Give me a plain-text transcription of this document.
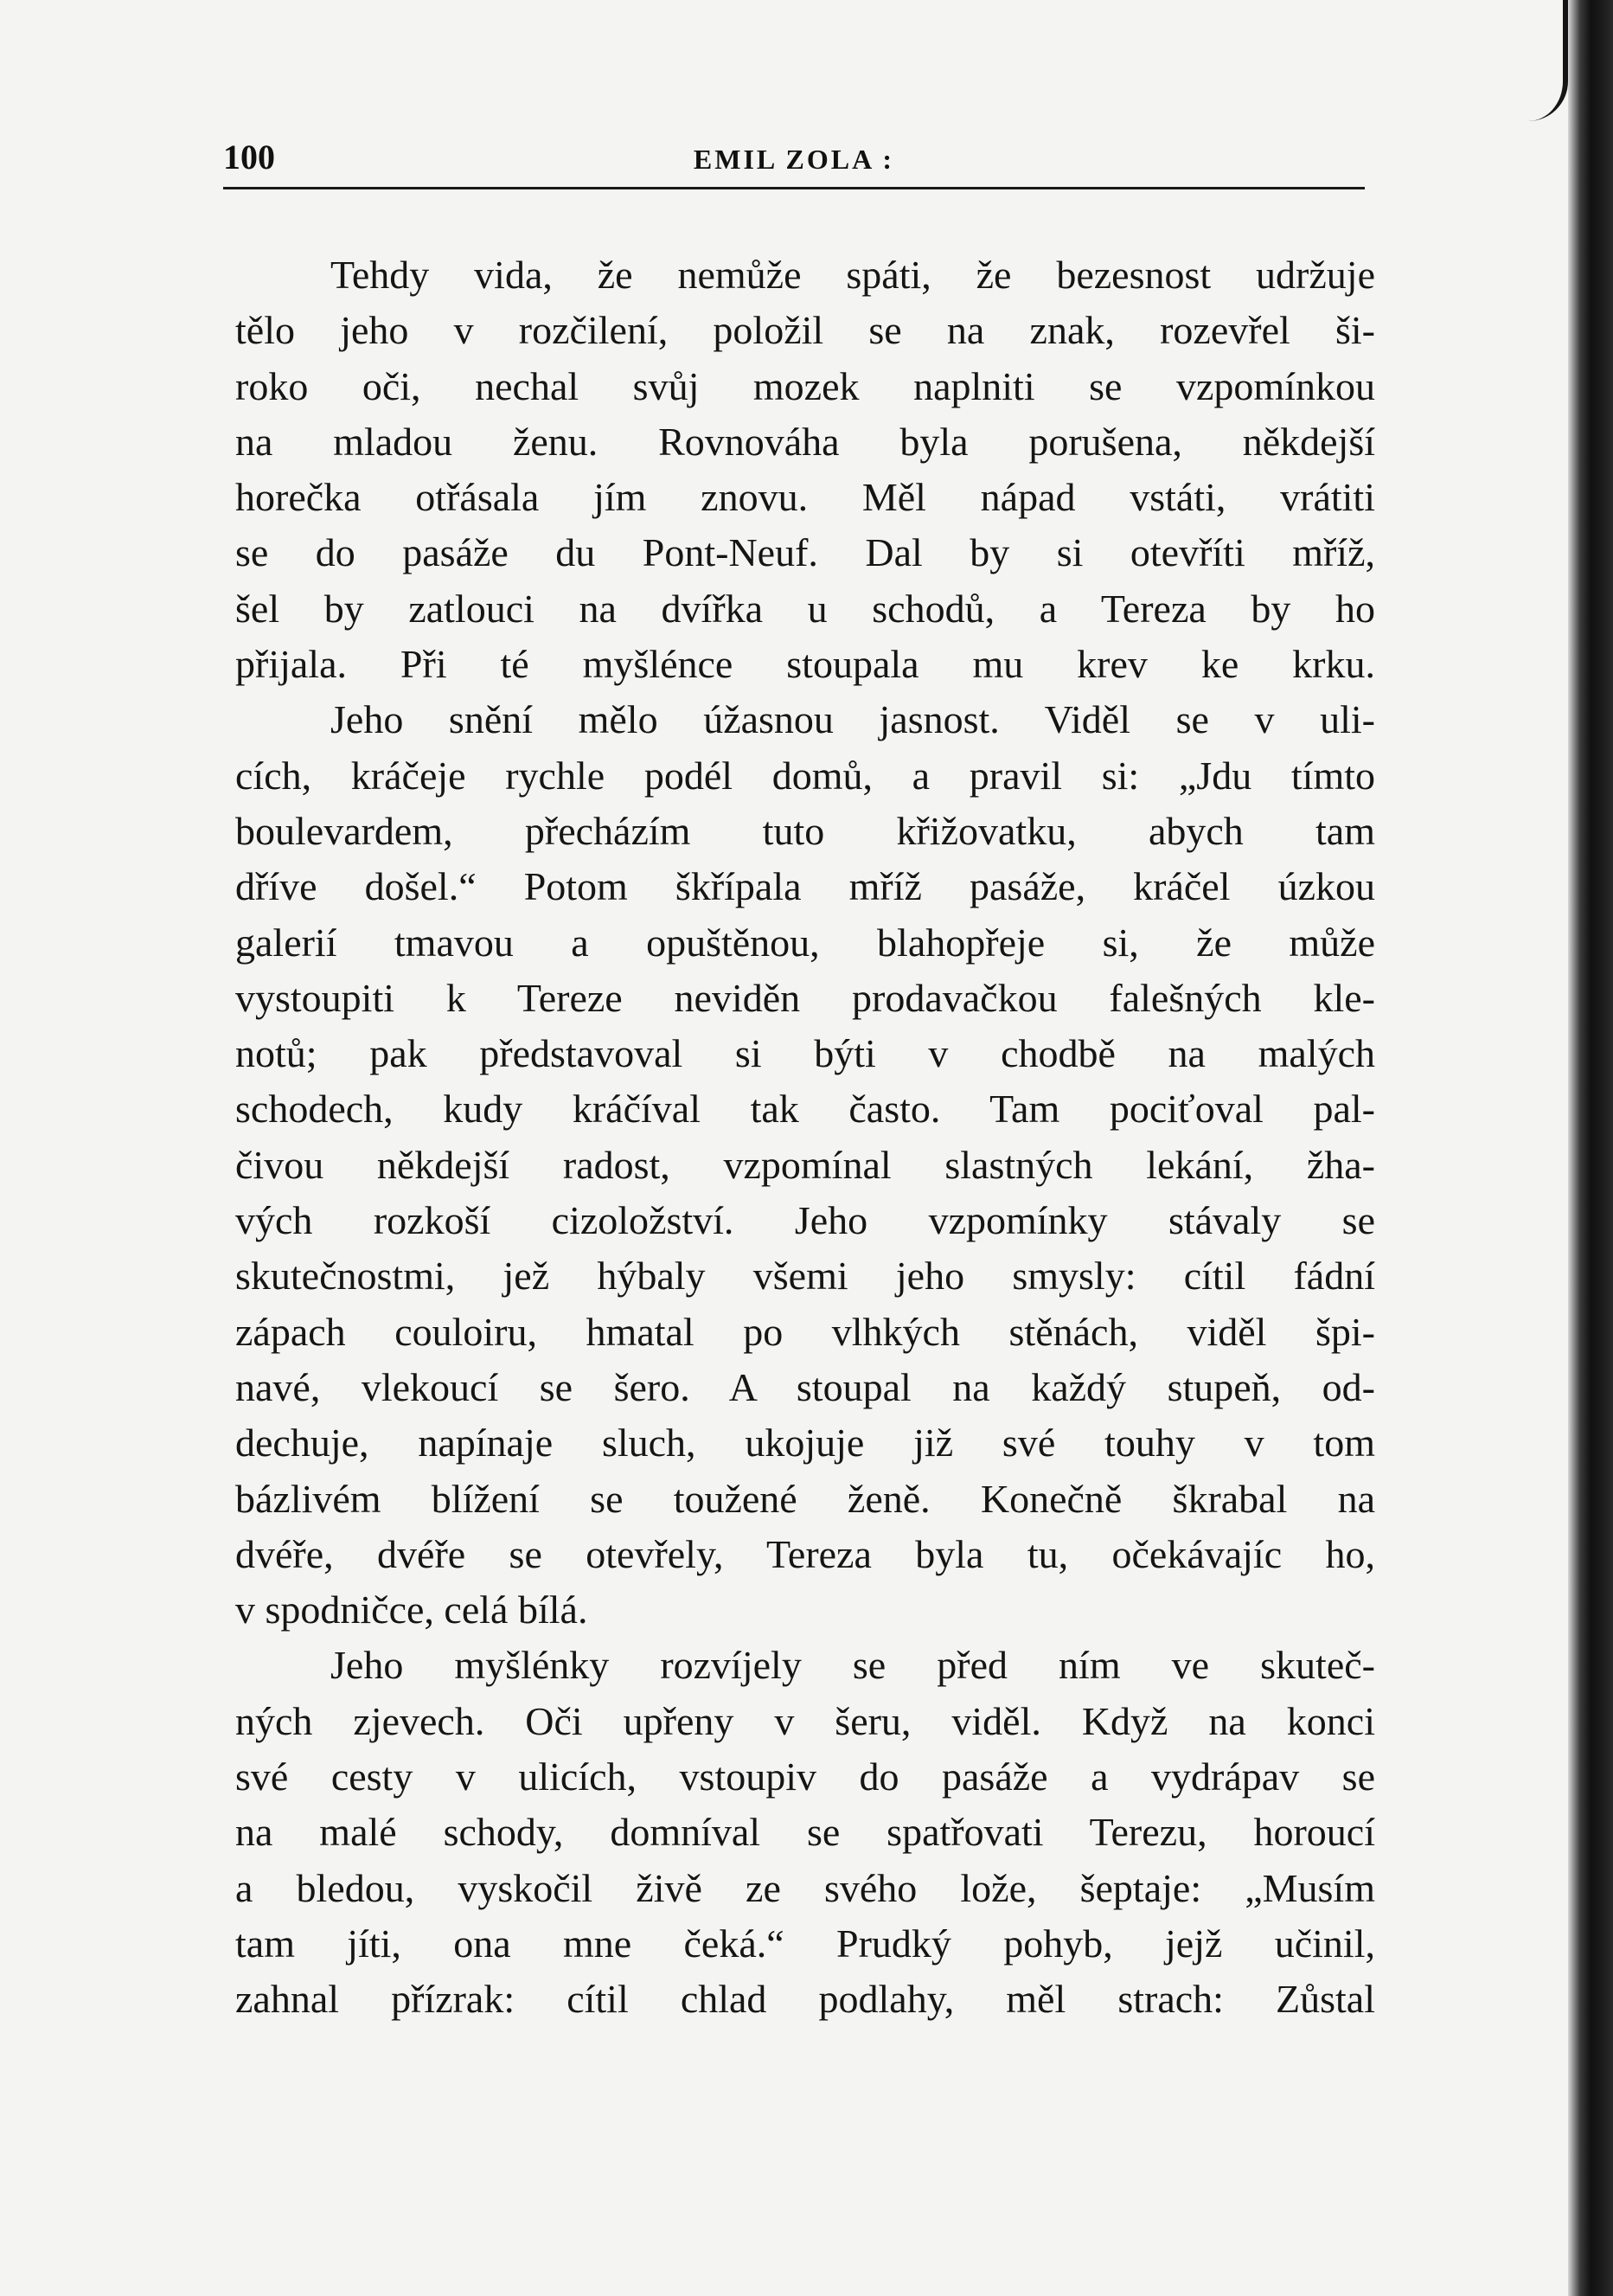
100	EMIL ZOLA :
Tehdy vida, že nemůže spáti, že bezesnost udržuje
tělo jeho v rozčilení, položil se na znak, rozevřel ši-
roko oči, nechal svůj mozek naplniti se vzpomínkou
na mladou ženu. Rovnováha byla porušena, někdejší
horečka otřásala jím znovu. Měl nápad vstáti, vrátiti
se do pasáže du Pont-Neuf. Dal by si otevříti mříž,
šel by zatlouci na dvířka u schodů, a Tereza by ho
přijala. Při té myšlénce stoupala mu krev ke krku.
Jeho snění mělo úžasnou jasnost. Viděl se v uli-
cích, kráčeje rychle podél domů, a pravil si: „Jdu tímto
boulevardem, přecházím tuto křižovatku, abych tam
dříve došel.“ Potom škřípala mříž pasáže, kráčel úzkou
galerií tmavou a opuštěnou, blahopřeje si, že může
vystoupiti k Tereze neviděn prodavačkou falešných kle-
notů; pak představoval si býti v chodbě na malých
schodech, kudy kráčíval tak často. Tam pociťoval pal-
čivou někdejší radost, vzpomínal slastných lekání, žha-
vých rozkoší cizoložství. Jeho vzpomínky stávaly se
skutečnostmi, jež hýbaly všemi jeho smysly: cítil fádní
zápach couloiru, hmatal po vlhkých stěnách, viděl špi-
navé, vlekoucí se šero. A stoupal na každý stupeň, od-
dechuje, napínaje sluch, ukojuje již své touhy v tom
bázlivém blížení se toužené ženě. Konečně škrabal na
dvéře, dvéře se otevřely, Tereza byla tu, očekávajíc ho,
v spodničce, celá bílá.
Jeho myšlénky rozvíjely se před ním ve skuteč-
ných zjevech. Oči upřeny v šeru, viděl. Když na konci
své cesty v ulicích, vstoupiv do pasáže a vydrápav se
na malé schody, domníval se spatřovati Terezu, horoucí
a bledou, vyskočil živě ze svého lože, šeptaje: „Musím
tam jíti, ona mne čeká.“ Prudký pohyb, jejž učinil,
zahnal přízrak: cítil chlad podlahy, měl strach: Zůstal
